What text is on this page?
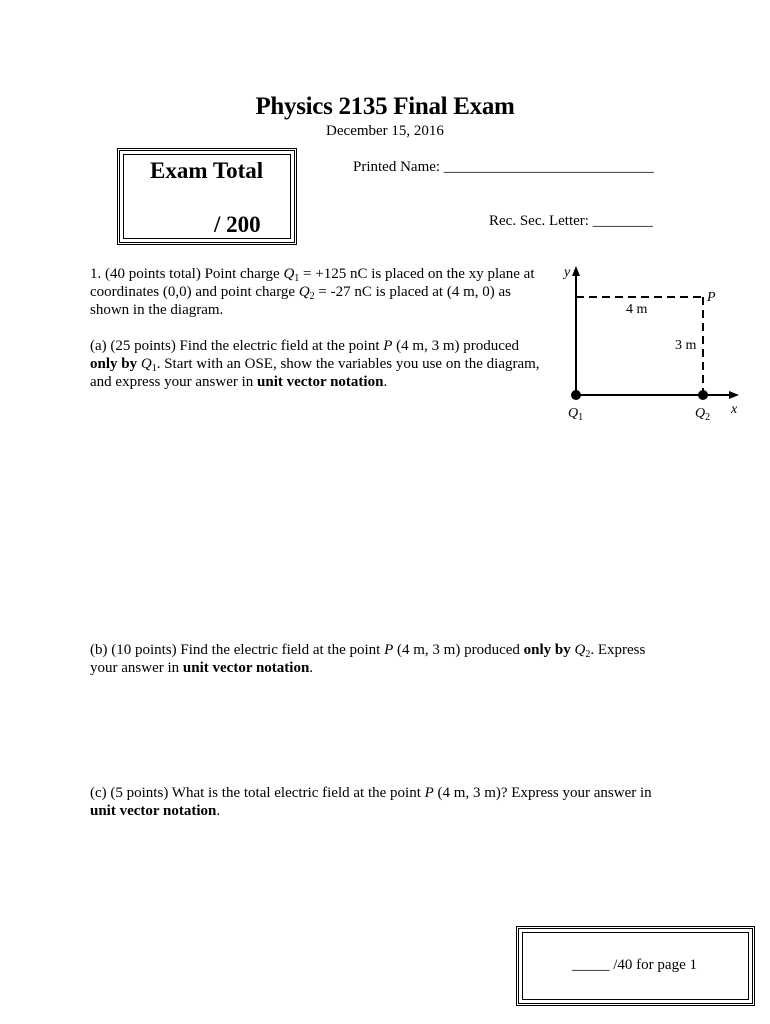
Physics 2135 Final Exam
December 15, 2016
Exam Total
/ 200
Printed Name: ____________________________
Rec. Sec. Letter: ________
1. (40 points total) Point charge $Q_1 = +125$ nC is placed on the xy plane at coordinates (0,0) and point charge $Q_2 = -27$ nC is placed at (4 m, 0) as shown in the diagram.
(a) (25 points) Find the electric field at the point P (4 m, 3 m) produced only by $Q_1$. Start with an OSE, show the variables you use on the diagram, and express your answer in unit vector notation.
(b) (10 points) Find the electric field at the point P (4 m, 3 m) produced only by $Q_2$. Express your answer in unit vector notation.
(c) (5 points) What is the total electric field at the point P (4 m, 3 m)? Express your answer in unit vector notation.
y
x
P
4 m
3 m
Q1	Q2
_____ /40 for page 1
